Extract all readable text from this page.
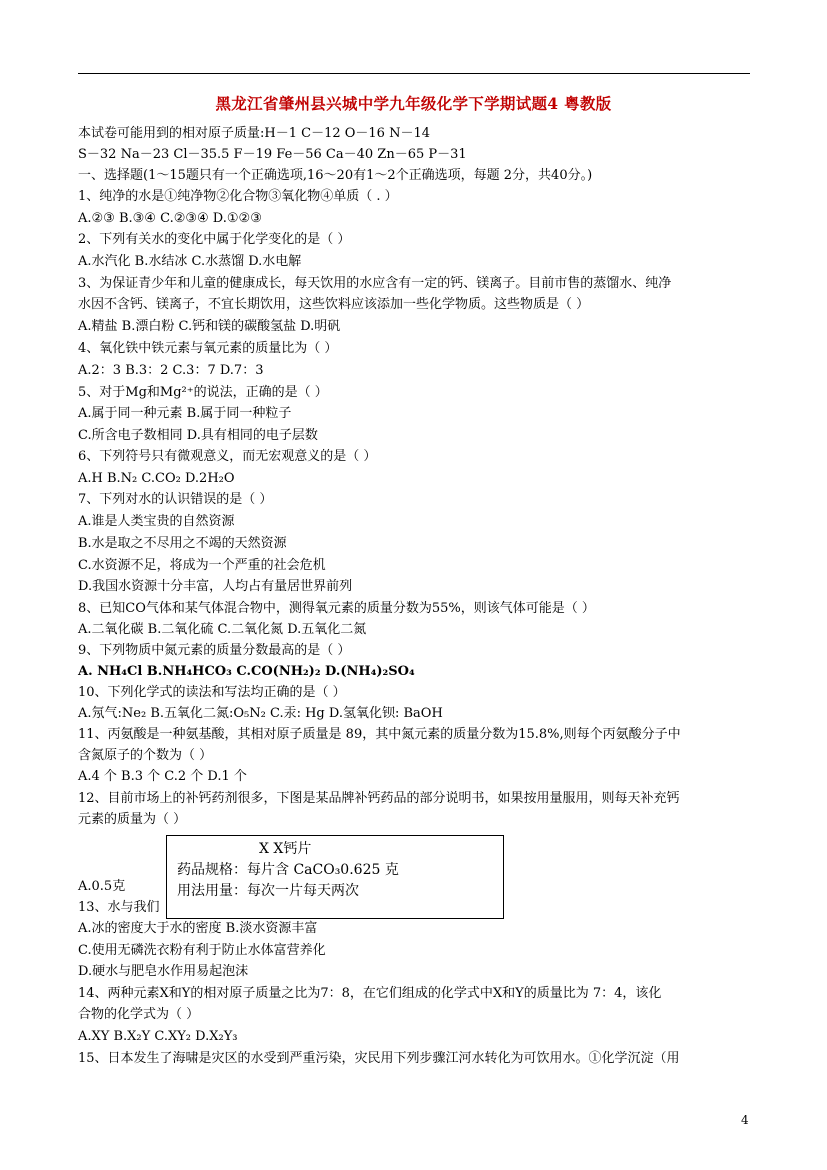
黑龙江省肇州县兴城中学九年级化学下学期试题4 粤教版
本试卷可能用到的相对原子质量:H－1 C－12 O－16 N－14
S－32 Na－23 Cl－35.5 F－19 Fe－56 Ca－40 Zn－65 P－31
一、选择题(1～15题只有一个正确选项,16～20有1～2个正确选项，每题 2分，共40分。)
1、纯净的水是①纯净物②化合物③氧化物④单质（ . ）
A.②③ B.③④ C.②③④ D.①②③
2、下列有关水的变化中属于化学变化的是（ ）
A.水汽化 B.水结冰 C.水蒸馏 D.水电解
3、为保证青少年和儿童的健康成长，每天饮用的水应含有一定的钙、镁离子。目前市售的蒸馏水、纯净
水因不含钙、镁离子，不宜长期饮用，这些饮料应该添加一些化学物质。这些物质是（ ）
A.精盐 B.漂白粉 C.钙和镁的碳酸氢盐 D.明矾
4、氧化铁中铁元素与氧元素的质量比为（ ）
A.2：3 B.3：2 C.3：7 D.7：3
5、对于Mg和Mg²⁺的说法，正确的是（ ）
A.属于同一种元素 B.属于同一种粒子
C.所含电子数相同 D.具有相同的电子层数
6、下列符号只有微观意义，而无宏观意义的是（ ）
A.H B.N₂ C.CO₂ D.2H₂O
7、下列对水的认识错误的是（ ）
A.谁是人类宝贵的自然资源
B.水是取之不尽用之不竭的天然资源
C.水资源不足，将成为一个严重的社会危机
D.我国水资源十分丰富，人均占有量居世界前列
8、已知CO气体和某气体混合物中，测得氧元素的质量分数为55%，则该气体可能是（ ）
A.二氧化碳 B.二氧化硫 C.二氧化氮 D.五氧化二氮
9、下列物质中氮元素的质量分数最高的是（ ）
A. NH₄Cl B.NH₄HCO₃ C.CO(NH₂)₂ D.(NH₄)₂SO₄
10、下列化学式的读法和写法均正确的是（ ）
A.氖气:Ne₂ B.五氧化二氮:O₅N₂ C.汞: Hg D.氢氧化钡: BaOH
11、丙氨酸是一种氨基酸，其相对原子质量是 89，其中氮元素的质量分数为15.8%,则每个丙氨酸分子中
含氮原子的个数为（ ）
A.4 个 B.3 个 C.2 个 D.1 个
12、目前市场上的补钙药剂很多，下图是某品牌补钙药品的部分说明书，如果按用量服用，则每天补充钙
元素的质量为（ ）
A.0.5克
13、水与我们
A.冰的密度大于水的密度 B.淡水资源丰富
C.使用无磷洗衣粉有利于防止水体富营养化
D.硬水与肥皂水作用易起泡沫
14、两种元素X和Y的相对原子质量之比为7：8，在它们组成的化学式中X和Y的质量比为 7：4，该化
合物的化学式为（ ）
A.XY B.X₂Y C.XY₂ D.X₂Y₃
15、日本发生了海啸是灾区的水受到严重污染，灾民用下列步骤江河水转化为可饮用水。①化学沉淀（用
X X钙片
药品规格：每片含 CaCO₃0.625 克
用法用量：每次一片每天两次
4
